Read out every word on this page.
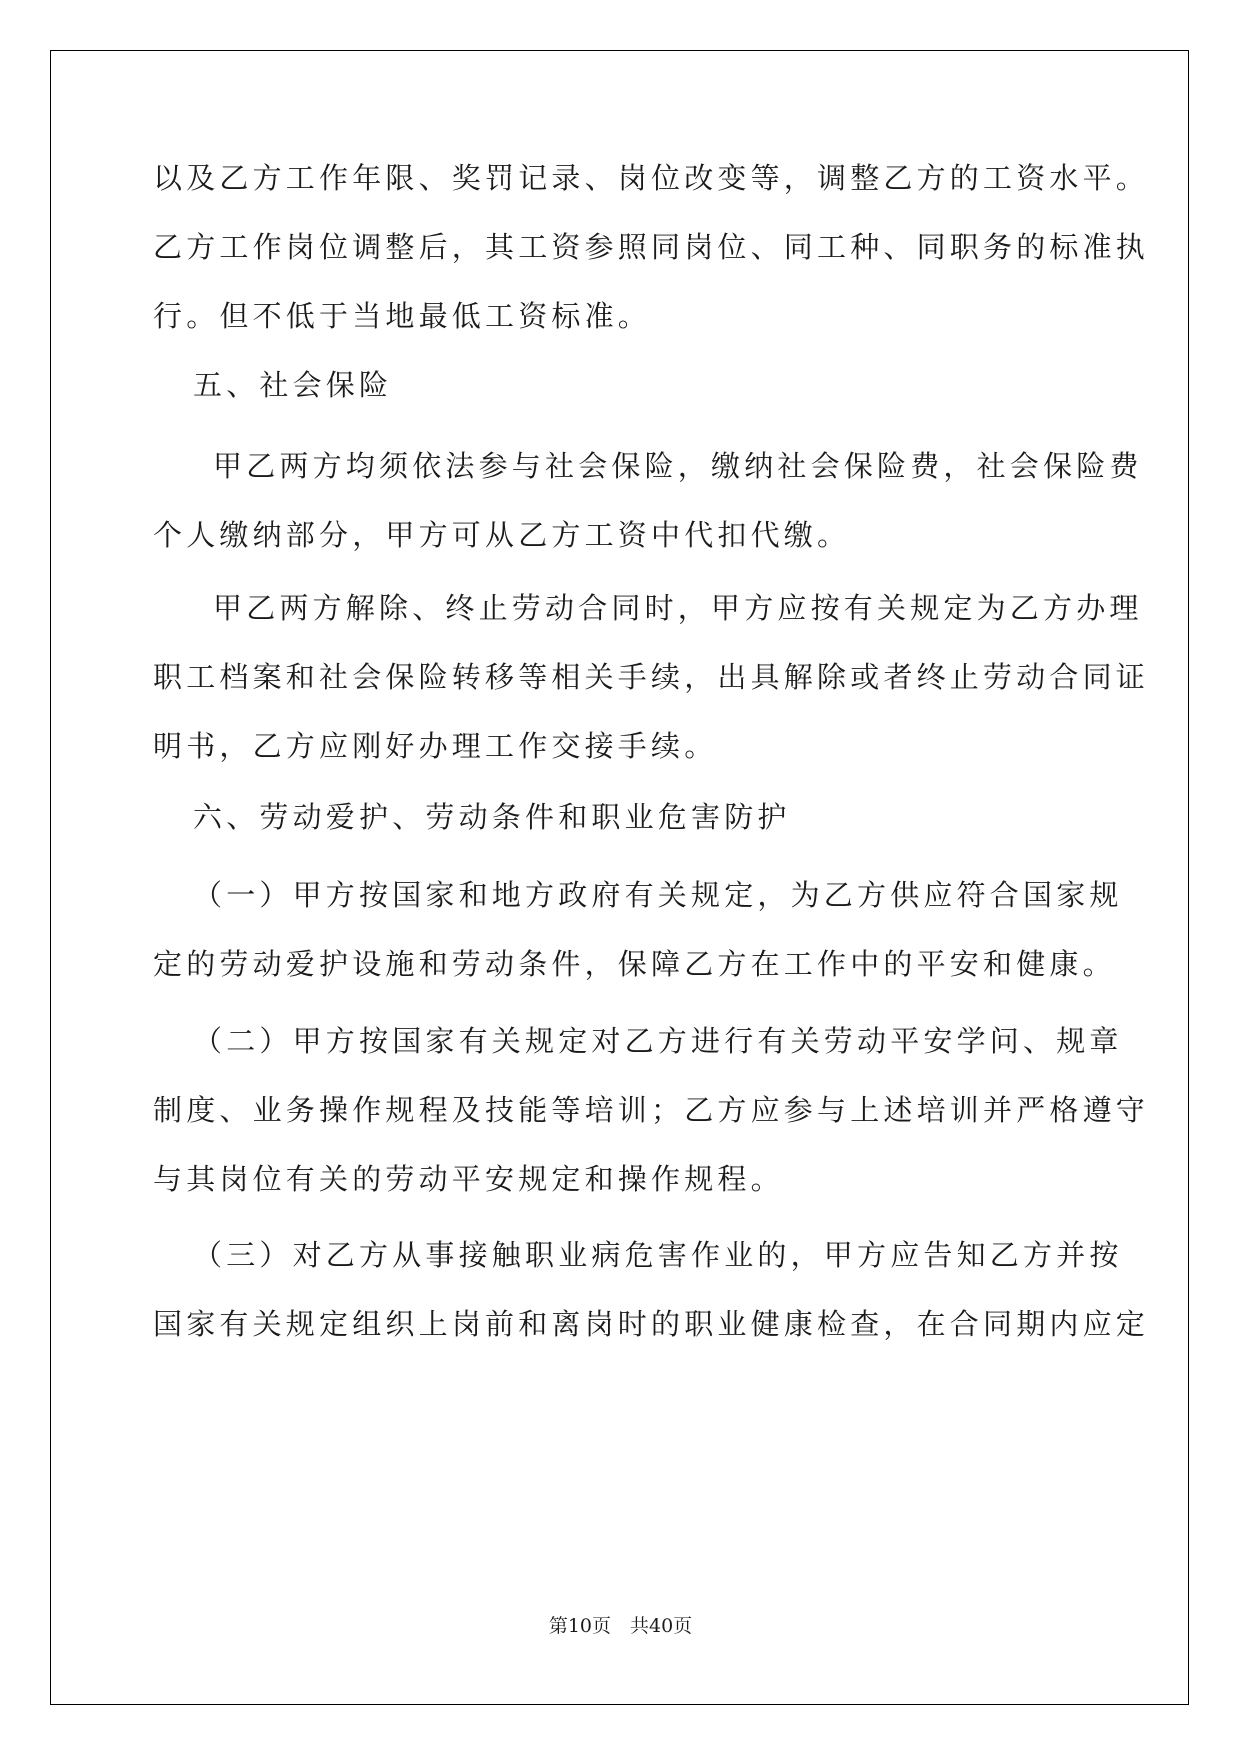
以及乙方工作年限、奖罚记录、岗位改变等，调整乙方的工资水平。
乙方工作岗位调整后，其工资参照同岗位、同工种、同职务的标准执
行。但不低于当地最低工资标准。
五、社会保险
甲乙两方均须依法参与社会保险，缴纳社会保险费，社会保险费
个人缴纳部分，甲方可从乙方工资中代扣代缴。
甲乙两方解除、终止劳动合同时，甲方应按有关规定为乙方办理
职工档案和社会保险转移等相关手续，出具解除或者终止劳动合同证
明书，乙方应刚好办理工作交接手续。
六、劳动爱护、劳动条件和职业危害防护
（一）甲方按国家和地方政府有关规定，为乙方供应符合国家规
定的劳动爱护设施和劳动条件，保障乙方在工作中的平安和健康。
（二）甲方按国家有关规定对乙方进行有关劳动平安学问、规章
制度、业务操作规程及技能等培训；乙方应参与上述培训并严格遵守
与其岗位有关的劳动平安规定和操作规程。
（三）对乙方从事接触职业病危害作业的，甲方应告知乙方并按
国家有关规定组织上岗前和离岗时的职业健康检查，在合同期内应定
第10页　共40页
